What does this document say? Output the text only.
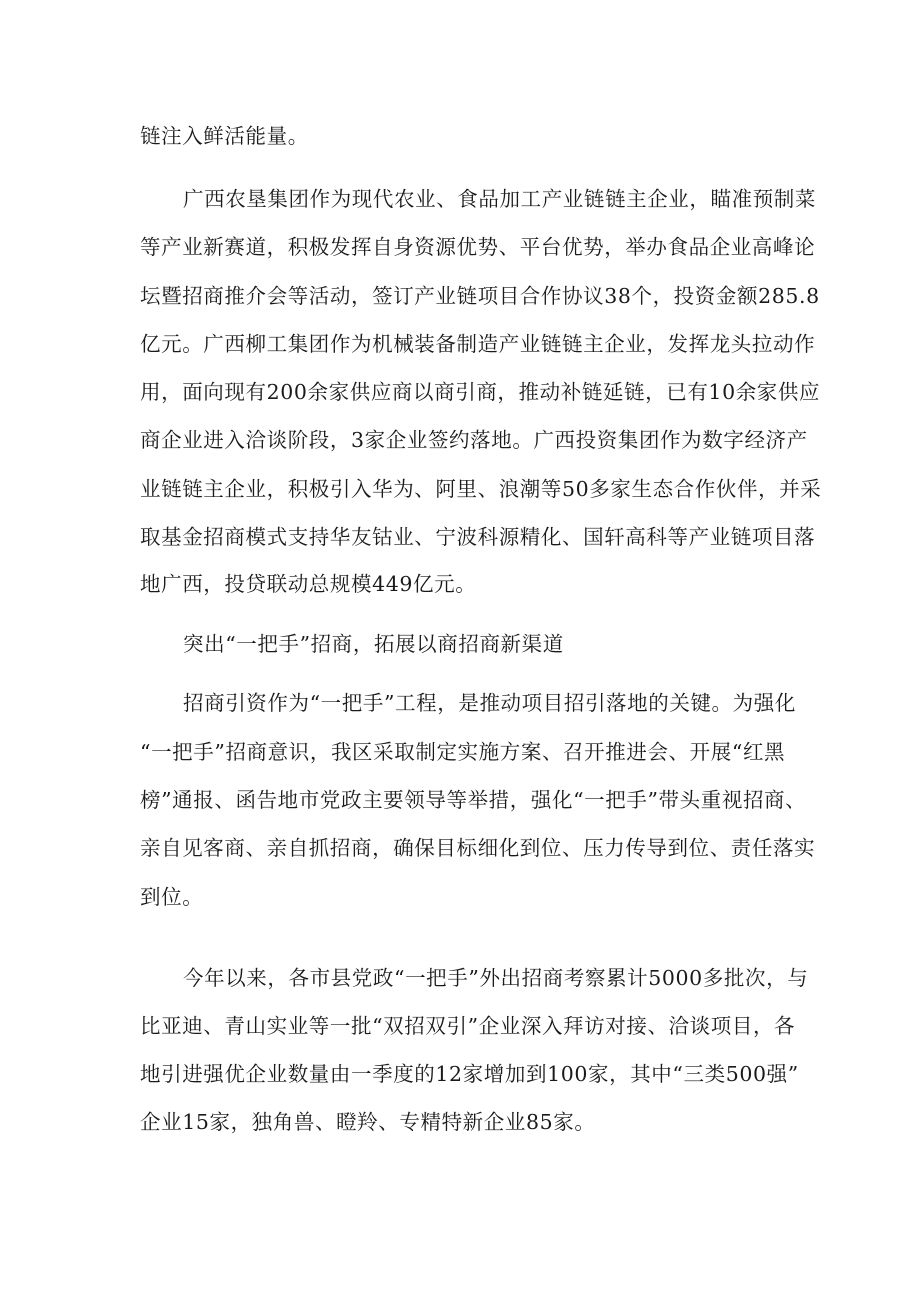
链注入鲜活能量。
广西农垦集团作为现代农业、食品加工产业链链主企业，瞄准预制菜
等产业新赛道，积极发挥自身资源优势、平台优势，举办食品企业高峰论
坛暨招商推介会等活动，签订产业链项目合作协议38个，投资金额285.8
亿元。广西柳工集团作为机械装备制造产业链链主企业，发挥龙头拉动作
用，面向现有200余家供应商以商引商，推动补链延链，已有10余家供应
商企业进入洽谈阶段，3家企业签约落地。广西投资集团作为数字经济产
业链链主企业，积极引入华为、阿里、浪潮等50多家生态合作伙伴，并采
取基金招商模式支持华友钴业、宁波科源精化、国轩高科等产业链项目落
地广西，投贷联动总规模449亿元。
突出“一把手”招商，拓展以商招商新渠道
招商引资作为“一把手”工程，是推动项目招引落地的关键。为强化
“一把手”招商意识，我区采取制定实施方案、召开推进会、开展“红黑
榜”通报、函告地市党政主要领导等举措，强化“一把手”带头重视招商、
亲自见客商、亲自抓招商，确保目标细化到位、压力传导到位、责任落实
到位。
今年以来，各市县党政“一把手”外出招商考察累计5000多批次，与
比亚迪、青山实业等一批“双招双引”企业深入拜访对接、洽谈项目，各
地引进强优企业数量由一季度的12家增加到100家，其中“三类500强”
企业15家，独角兽、瞪羚、专精特新企业85家。
